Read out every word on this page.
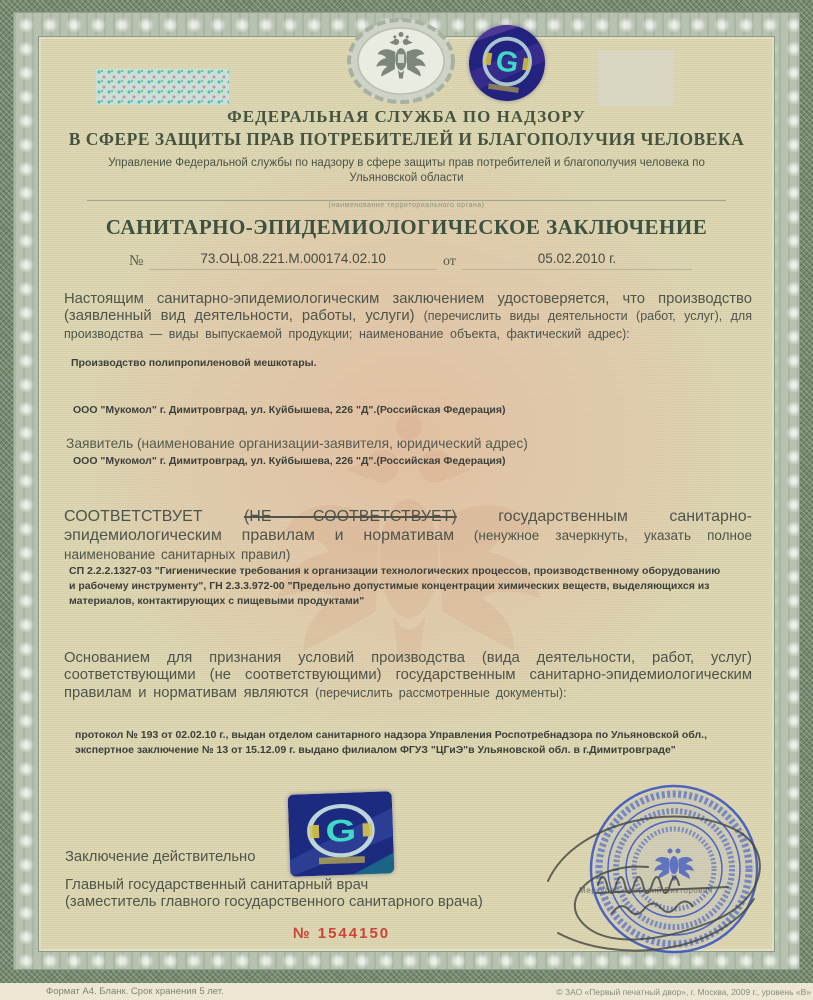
G
ФЕДЕРАЛЬНАЯ СЛУЖБА ПО НАДЗОРУ
В СФЕРЕ ЗАЩИТЫ ПРАВ ПОТРЕБИТЕЛЕЙ И БЛАГОПОЛУЧИЯ ЧЕЛОВЕКА
Управление Федеральной службы по надзору в сфере защиты прав потребителей и благополучия человека по Ульяновской области
(наименование территориального органа)
САНИТАРНО-ЭПИДЕМИОЛОГИЧЕСКОЕ ЗАКЛЮЧЕНИЕ
№	73.ОЦ.08.221.М.000174.02.10	от	05.02.2010 г.
Настоящим санитарно-эпидемиологическим заключением удостоверяется, что производство (заявленный вид деятельности, работы, услуги) (перечислить виды деятельности (работ, услуг), для производства — виды выпускаемой продукции; наименование объекта, фактический адрес):
Производство полипропиленовой мешкотары.
ООО "Мукомол" г. Димитровград, ул. Куйбышева, 226 "Д".(Российская Федерация)
Заявитель (наименование организации-заявителя, юридический адрес)
ООО "Мукомол" г. Димитровград, ул. Куйбышева, 226 "Д".(Российская Федерация)
СООТВЕТСТВУЕТ (НЕ СООТВЕТСТВУЕТ) государственным санитарно-эпидемиологическим правилам и нормативам (ненужное зачеркнуть, указать полное наименование санитарных правил)
СП 2.2.2.1327-03 "Гигиенические требования к организации технологических процессов, производственному оборудованию и рабочему инструменту", ГН 2.3.3.972-00 "Предельно допустимые концентрации химических веществ, выделяющихся из материалов, контактирующих с пищевыми продуктами"
Основанием для признания условий производства (вида деятельности, работ, услуг) соответствующими (не соответствующими) государственным санитарно-эпидемиологическим правилам и нормативам являются (перечислить рассмотренные документы):
протокол № 193 от 02.02.10 г., выдан отделом санитарного надзора Управления Роспотребнадзора по Ульяновской обл., экспертное заключение № 13 от 15.12.09 г. выдано филиалом ФГУЗ "ЦГиЭ"в Ульяновской обл. в г.Димитровграде"
G
Заключение действительно
Главный государственный санитарный врач
(заместитель главного государственного санитарного врача)
Меркулов Анатолий Викторович
№ 1544150
Формат А4. Бланк. Срок хранения 5 лет.	© ЗАО «Первый печатный двор», г. Москва, 2009 г., уровень «В»
